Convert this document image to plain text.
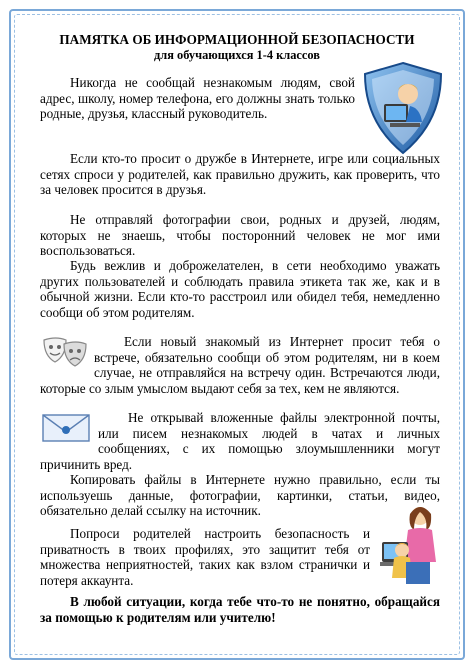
ПАМЯТКА ОБ ИНФОРМАЦИОННОЙ БЕЗОПАСНОСТИ
для обучающихся 1-4 классов
Никогда не сообщай незнакомым людям, свой адрес, школу, номер телефона, его должны знать только родные, друзья, классный руководитель.
Если кто-то просит о дружбе в Интернете, игре или социальных сетях спроси у родителей, как правильно дружить, как проверить, что за человек просится в друзья.
Не отправляй фотографии свои, родных и друзей, людям, которых не знаешь, чтобы посторонний человек не мог ими воспользоваться.
Будь вежлив и доброжелателен, в сети необходимо уважать других пользователей и соблюдать правила этикета так же, как и в обычной жизни. Если кто-то расстроил или обидел тебя, немедленно сообщи об этом родителям.
Если новый знакомый из Интернет просит тебя о встрече, обязательно сообщи об этом родителям, ни в коем случае, не отправляйся на встречу один. Встречаются люди, которые со злым умыслом выдают себя за тех, кем не являются.
Не открывай вложенные файлы электронной почты, или писем незнакомых людей в чатах и личных сообщениях, с их помощью злоумышленники могут причинить вред.
Копировать файлы в Интернете нужно правильно, если ты используешь данные, фотографии, картинки, статьи, видео, обязательно делай ссылку на источник.
Попроси родителей настроить безопасность и приватность в твоих профилях, это защитит тебя от множества неприятностей, таких как взлом странички и потеря аккаунта.
В любой ситуации, когда тебе что-то не понятно, обращайся за помощью к родителям или учителю!
